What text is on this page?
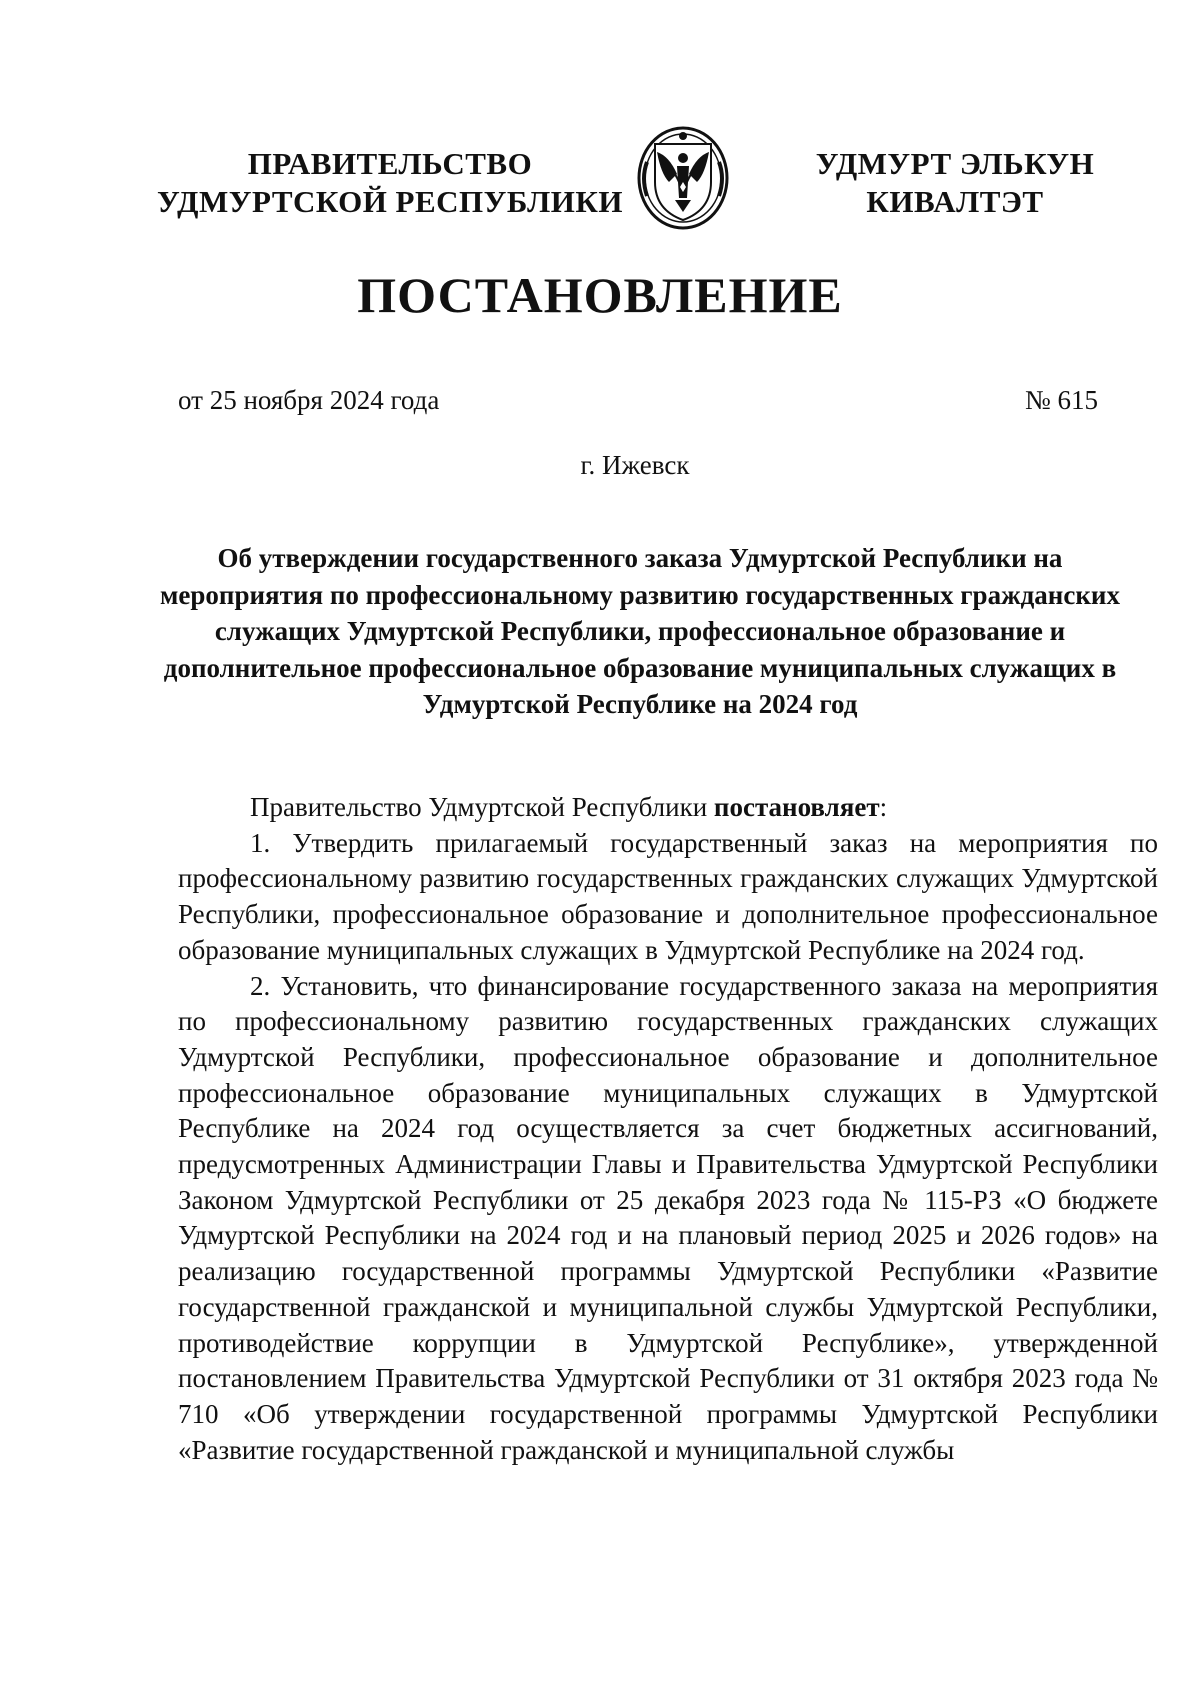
ПРАВИТЕЛЬСТВО
УДМУРТСКОЙ РЕСПУБЛИКИ
УДМУРТ ЭЛЬКУН
КИВАЛТЭТ
ПОСТАНОВЛЕНИЕ
от 25 ноября 2024 года	№ 615
г. Ижевск
Об утверждении государственного заказа Удмуртской Республики на мероприятия по профессиональному развитию государственных гражданских служащих Удмуртской Республики, профессиональное образование и дополнительное профессиональное образование муниципальных служащих в Удмуртской Республике на 2024 год

Правительство Удмуртской Республики постановляет:

1. Утвердить прилагаемый государственный заказ на мероприятия по профессиональному развитию государственных гражданских служащих Удмуртской Республики, профессиональное образование и дополнительное профессиональное образование муниципальных служащих в Удмуртской Республике на 2024 год.

2. Установить, что финансирование государственного заказа на мероприятия по профессиональному развитию государственных гражданских служащих Удмуртской Республики, профессиональное образование и дополнительное профессиональное образование муниципальных служащих в Удмуртской Республике на 2024 год осуществляется за счет бюджетных ассигнований, предусмотренных Администрации Главы и Правительства Удмуртской Республики Законом Удмуртской Республики от 25 декабря 2023 года № 115-РЗ «О бюджете Удмуртской Республики на 2024 год и на плановый период 2025 и 2026 годов» на реализацию государственной программы Удмуртской Республики «Развитие государственной гражданской и муниципальной службы Удмуртской Республики, противодействие коррупции в Удмуртской Республике», утвержденной постановлением Правительства Удмуртской Республики от 31 октября 2023 года № 710 «Об утверждении государственной программы Удмуртской Республики «Развитие государственной гражданской и муниципальной службы
